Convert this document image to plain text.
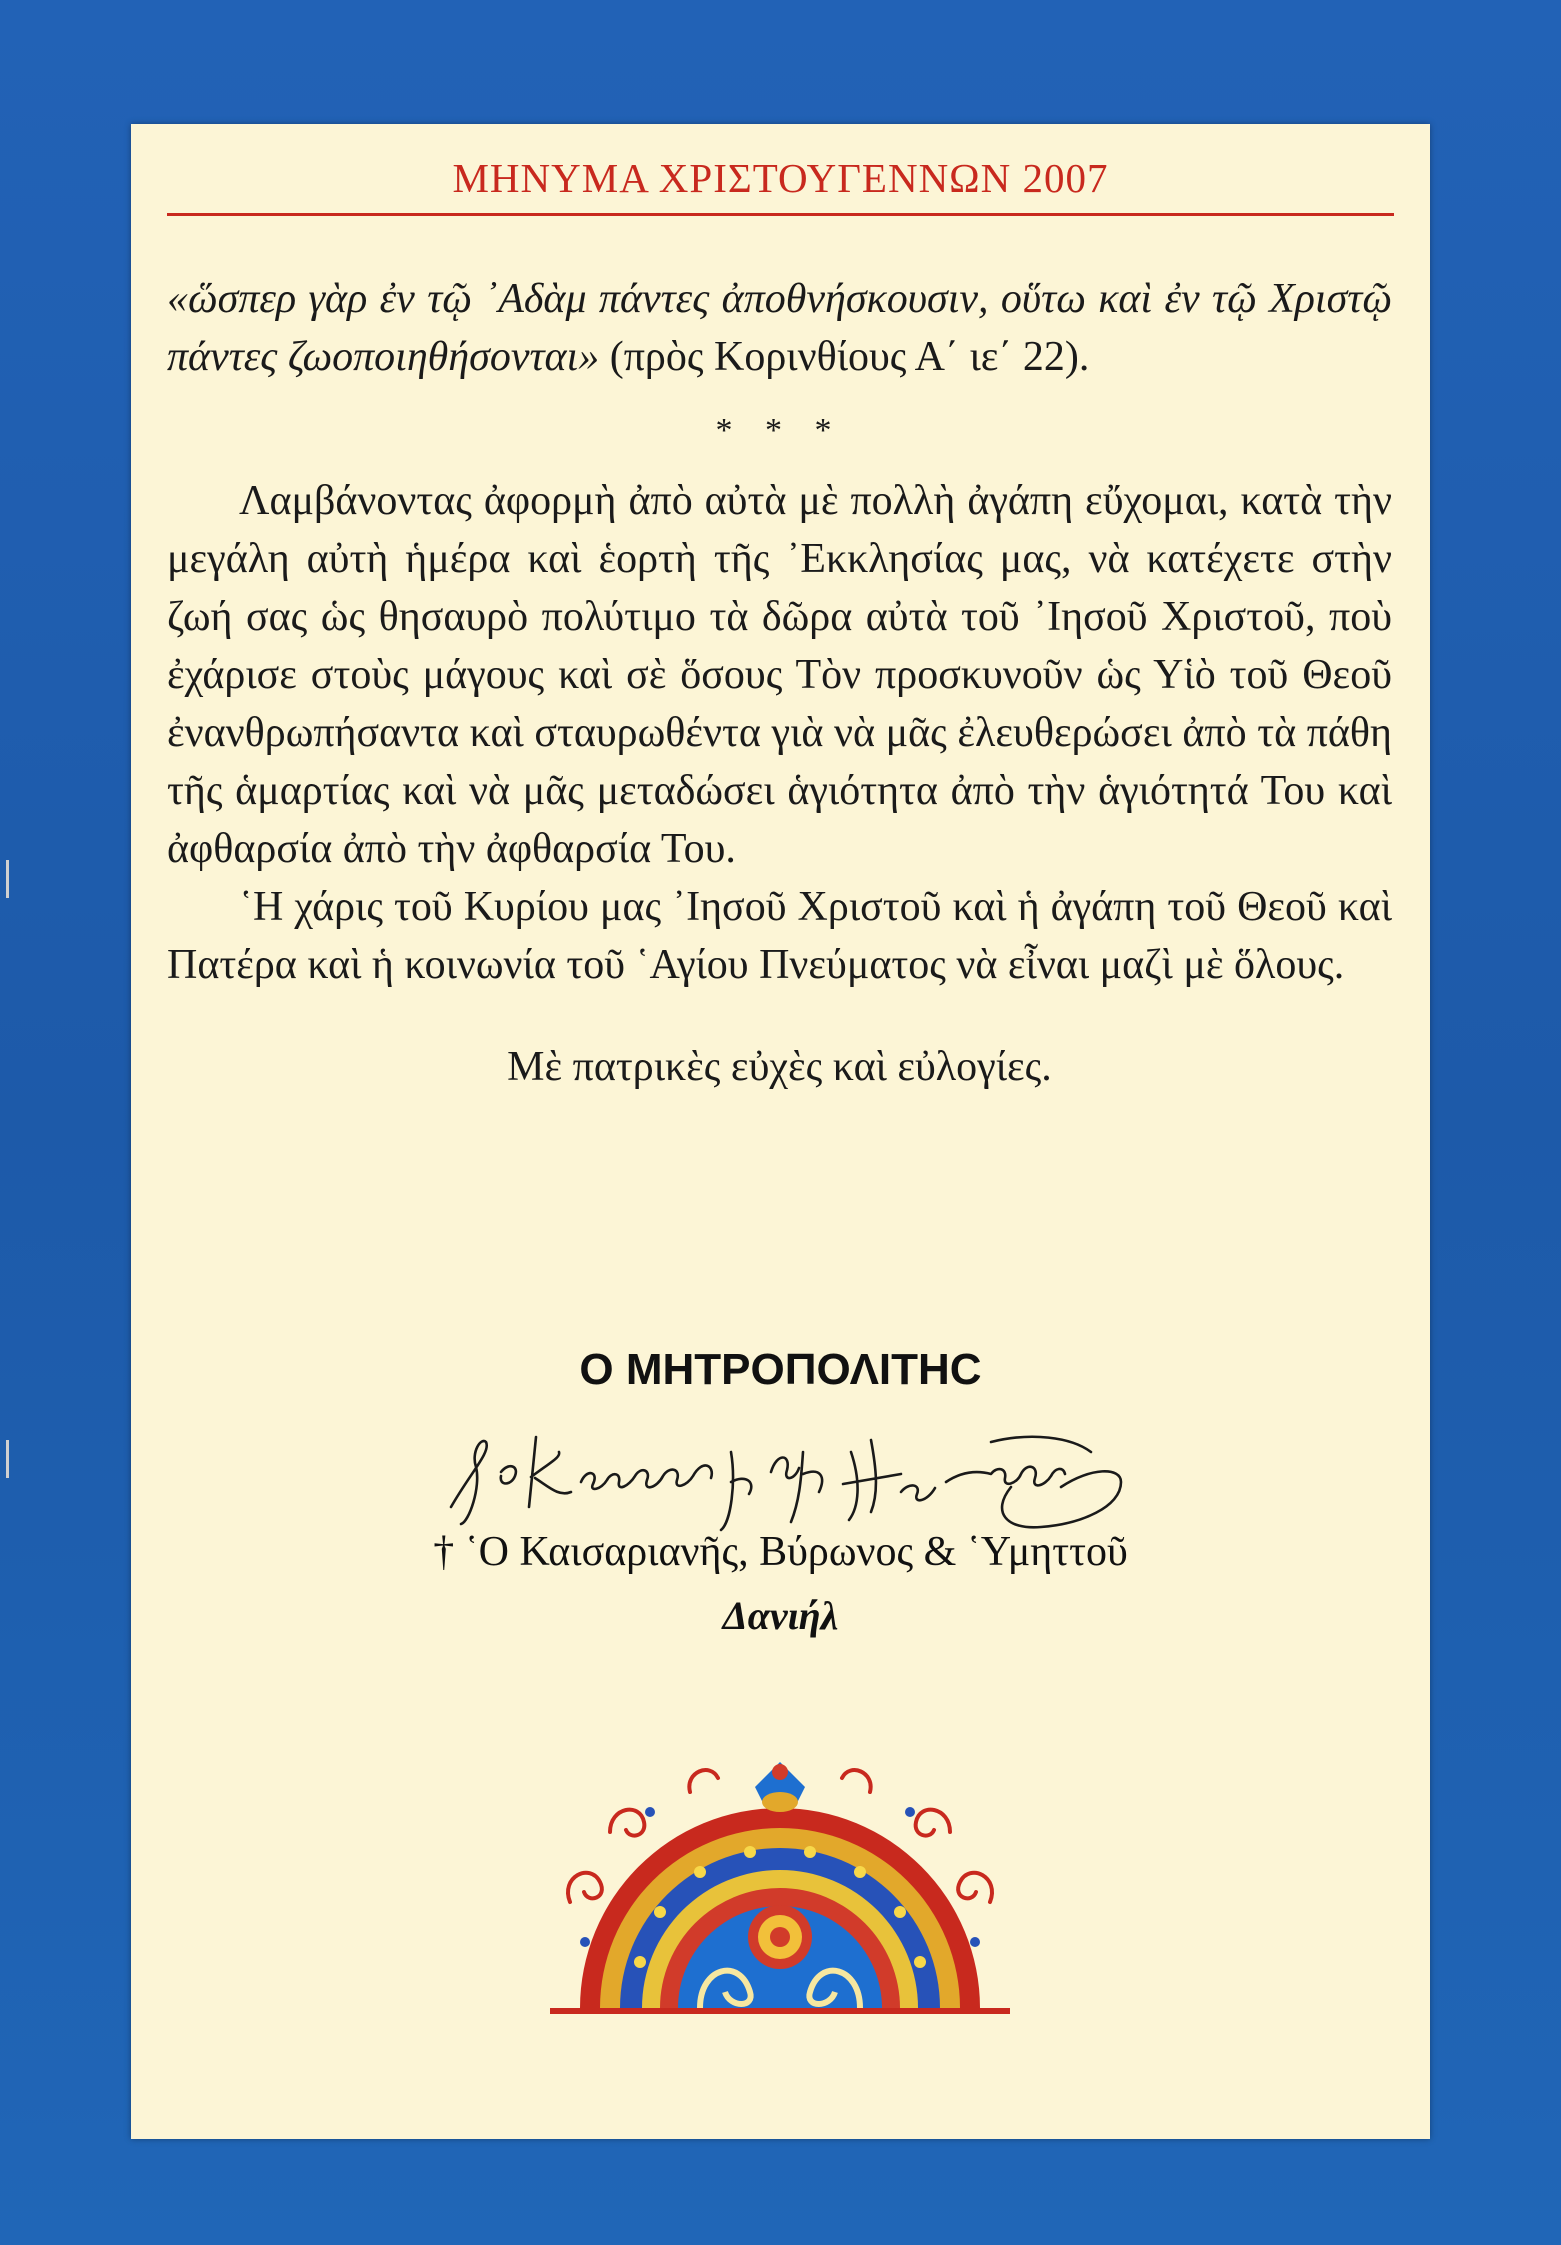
ΜΗΝΥΜΑ ΧΡΙΣΤΟΥΓΕΝΝΩΝ 2007

«ὥσπερ γὰρ ἐν τῷ ᾿Αδὰμ πάντες ἀποθνήσκουσιν, οὕτω καὶ ἐν τῷ Χριστῷ πάντες ζωοποιηθήσονται» (πρὸς Κορινθίους Α΄ ιε΄ 22).

* * *

Λαμβάνοντας ἀφορμὴ ἀπὸ αὐτὰ μὲ πολλὴ ἀγάπη εὔχομαι, κατὰ τὴν μεγάλη αὐτὴ ἡμέρα καὶ ἑορτὴ τῆς ᾿Εκκλησίας μας, νὰ κατέχετε στὴν ζωή σας ὡς θησαυρὸ πολύτιμο τὰ δῶρα αὐτὰ τοῦ ᾿Ιησοῦ Χριστοῦ, ποὺ ἐχάρισε στοὺς μάγους καὶ σὲ ὅσους Τὸν προσκυνοῦν ὡς Υἱὸ τοῦ Θεοῦ ἐνανθρωπήσαντα καὶ σταυρωθέντα γιὰ νὰ μᾶς ἐλευθερώσει ἀπὸ τὰ πάθη τῆς ἁμαρτίας καὶ νὰ μᾶς μεταδώσει ἁγιότητα ἀπὸ τὴν ἁγιότητά Του καὶ ἀφθαρσία ἀπὸ τὴν ἀφθαρσία Του.

῾Η χάρις τοῦ Κυρίου μας ᾿Ιησοῦ Χριστοῦ καὶ ἡ ἀγάπη τοῦ Θεοῦ καὶ Πατέρα καὶ ἡ κοινωνία τοῦ ῾Αγίου Πνεύματος νὰ εἶναι μαζὶ μὲ ὅλους.

Μὲ πατρικὲς εὐχὲς καὶ εὐλογίες.
Ο ΜΗΤΡΟΠΟΛΙΤΗC
† ῾Ο Καισαριανῆς, Βύρωνος & ῾Υμηττοῦ
Δανιήλ
